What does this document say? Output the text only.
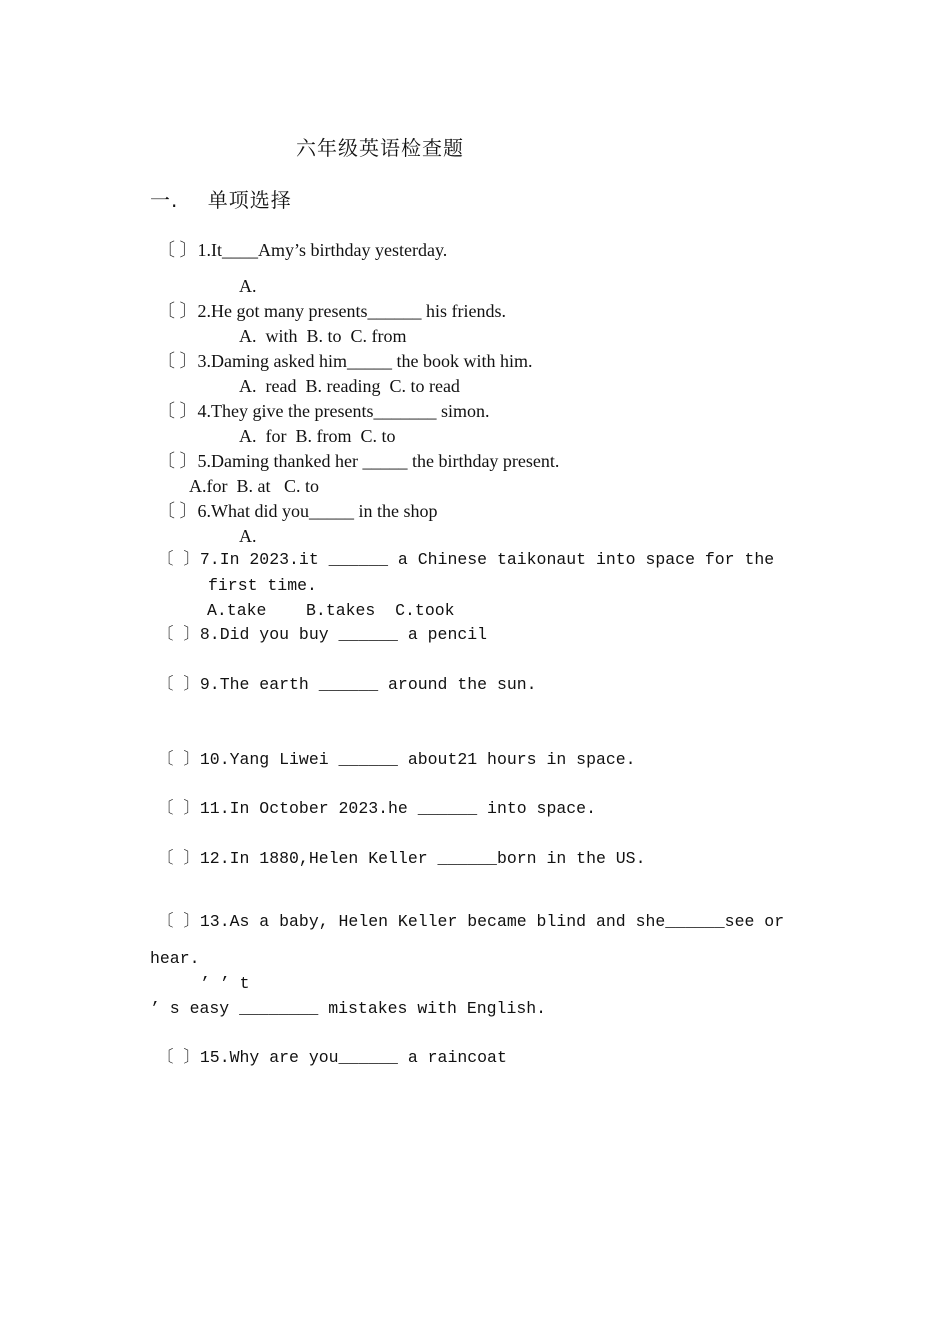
六年级英语检查题
一.    单项选择
〔 〕1.It____Amy’s birthday yesterday.
A.
〔 〕2.He got many presents______ his friends.
A.  with  B. to  C. from
〔 〕3.Daming asked him_____ the book with him.
A.  read  B. reading  C. to read
〔 〕4.They give the presents_______ simon.
A.  for  B. from  C. to
〔 〕5.Daming thanked her _____ the birthday present.
A.for  B. at   C. to
〔 〕6.What did you_____ in the shop
A.
〔 〕7.In 2023.it ______ a Chinese taikonaut into space for the
first time.
A.take    B.takes  C.took
〔 〕8.Did you buy ______ a pencil
〔 〕9.The earth ______ around the sun.
〔 〕10.Yang Liwei ______ about21 hours in space.
〔 〕11.In October 2023.he ______ into space.
〔 〕12.In 1880,Helen Keller ______born in the US.
〔 〕13.As a baby, Helen Keller became blind and she______see or
hear.
’ ’ t
’ s easy ________ mistakes with English.
〔 〕15.Why are you______ a raincoat
